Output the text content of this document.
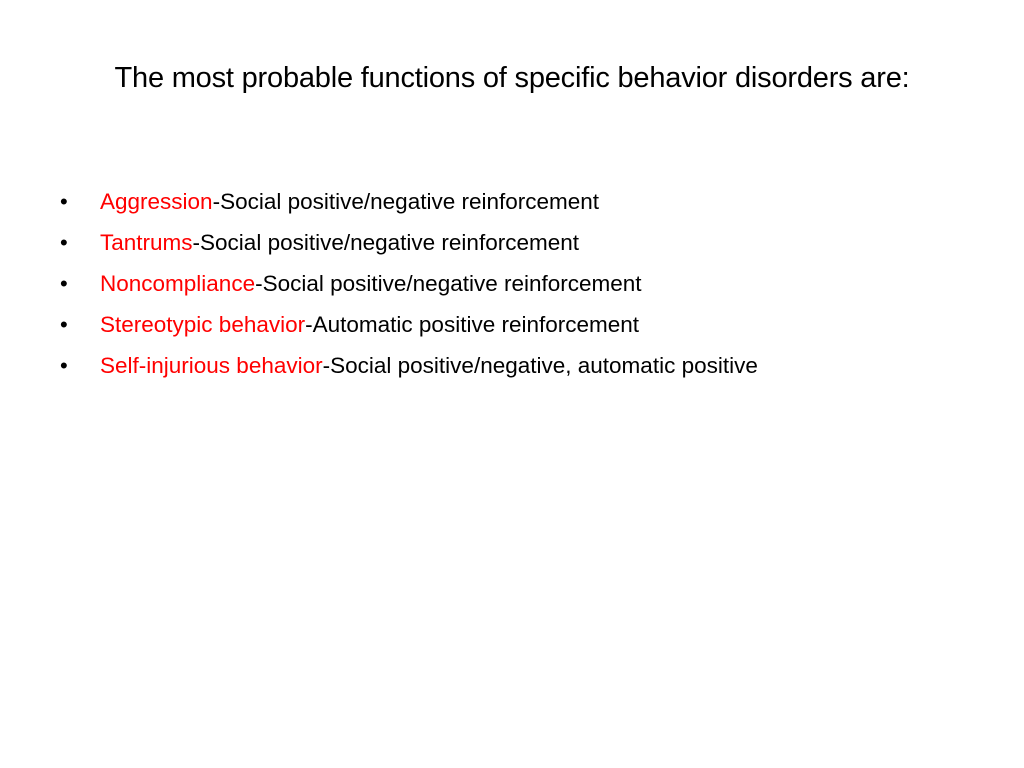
The most probable functions of specific behavior disorders are:
•	Aggression-Social positive/negative reinforcement
•	Tantrums-Social positive/negative reinforcement
•	Noncompliance-Social positive/negative reinforcement
•	Stereotypic behavior-Automatic positive reinforcement
•	Self-injurious behavior-Social positive/negative, automatic positive
